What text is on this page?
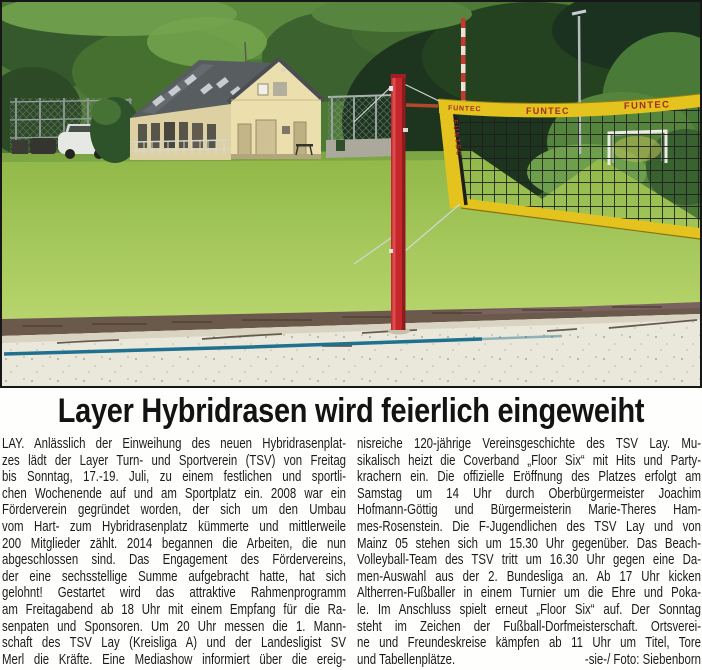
FUNTEC
FUNTEC	FUNTEC	FUNTEC
Layer Hybridrasen wird feierlich eingeweiht
LAY. Anlässlich der Einweihung des neuen Hybridrasenplat-
zes lädt der Layer Turn- und Sportverein (TSV) von Freitag
bis Sonntag, 17.-19. Juli, zu einem festlichen und sportli-
chen Wochenende auf und am Sportplatz ein. 2008 war ein
Förderverein gegründet worden, der sich um den Umbau
vom Hart- zum Hybridrasenplatz kümmerte und mittlerweile
200 Mitglieder zählt. 2014 begannen die Arbeiten, die nun
abgeschlossen sind. Das Engagement des Fördervereins,
der eine sechsstellige Summe aufgebracht hatte, hat sich
gelohnt! Gestartet wird das attraktive Rahmenprogramm
am Freitagabend ab 18 Uhr mit einem Empfang für die Ra-
senpaten und Sponsoren. Um 20 Uhr messen die 1. Mann-
schaft des TSV Lay (Kreisliga A) und der Landesligist SV
Merl die Kräfte. Eine Mediashow informiert über die ereig-
nisreiche 120-jährige Vereinsgeschichte des TSV Lay. Mu-
sikalisch heizt die Coverband „Floor Six“ mit Hits und Party-
krachern ein. Die offizielle Eröffnung des Platzes erfolgt am
Samstag um 14 Uhr durch Oberbürgermeister Joachim
Hofmann-Göttig und Bürgermeisterin Marie-Theres Ham-
mes-Rosenstein. Die F-Jugendlichen des TSV Lay und von
Mainz 05 stehen sich um 15.30 Uhr gegenüber. Das Beach-
Volleyball-Team des TSV tritt um 16.30 Uhr gegen eine Da-
men-Auswahl aus der 2. Bundesliga an. Ab 17 Uhr kicken
Altherren-Fußballer in einem Turnier um die Ehre und Poka-
le. Im Anschluss spielt erneut „Floor Six“ auf. Der Sonntag
steht im Zeichen der Fußball-Dorfmeisterschaft. Ortsverei-
ne und Freundeskreise kämpfen ab 11 Uhr um Titel, Tore
und Tabellenplätze.	-sie-/ Foto: Siebenborn
